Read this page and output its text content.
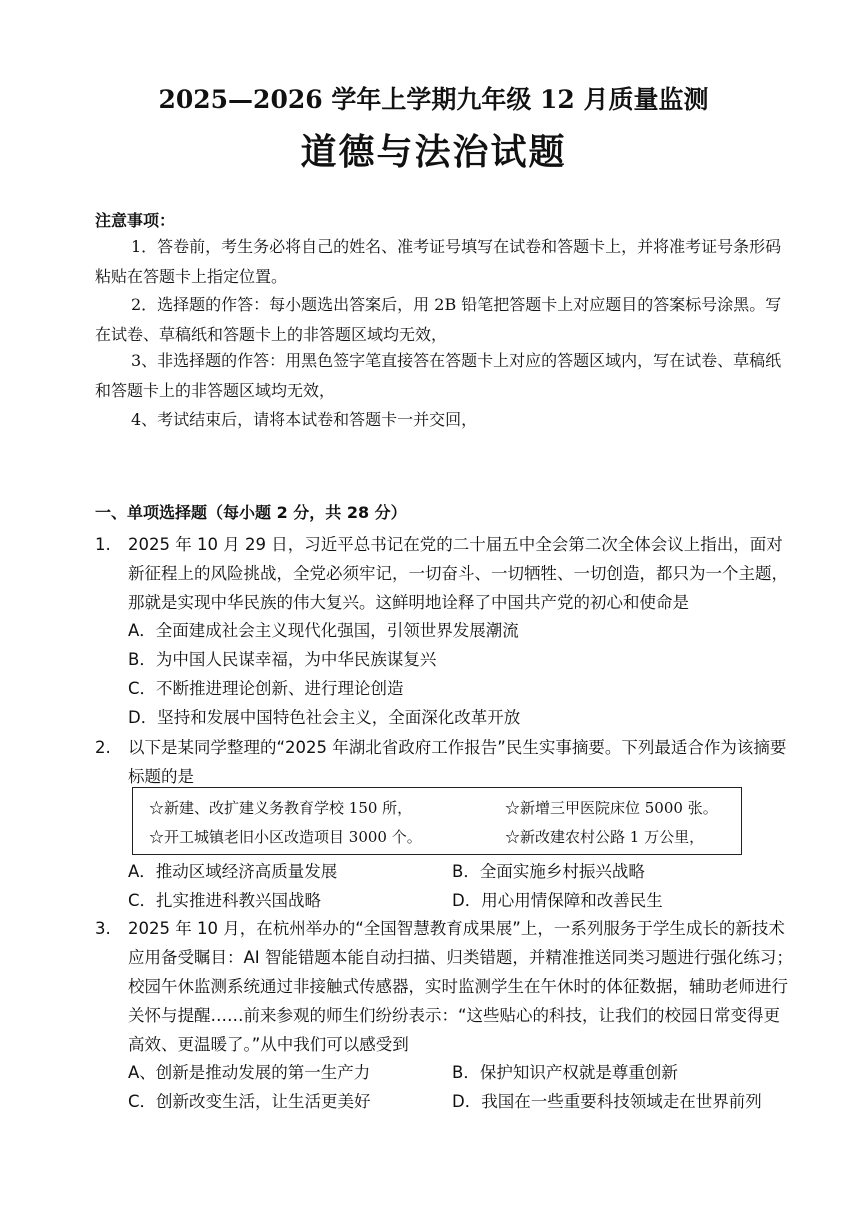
2025—2026 学年上学期九年级 12 月质量监测
道德与法治试题
注意事项：
1．答卷前，考生务必将自己的姓名、准考证号填写在试卷和答题卡上，并将准考证号条形码粘贴在答题卡上指定位置。
2．选择题的作答：每小题选出答案后，用 2B 铅笔把答题卡上对应题目的答案标号涂黑。写在试卷、草稿纸和答题卡上的非答题区域均无效，
3、非选择题的作答：用黑色签字笔直接答在答题卡上对应的答题区域内，写在试卷、草稿纸和答题卡上的非答题区域均无效，
4、考试结束后，请将本试卷和答题卡一并交回，
一、单项选择题（每小题 2 分，共 28 分）
1. 2025 年 10 月 29 日，习近平总书记在党的二十届五中全会第二次全体会议上指出，面对新征程上的风险挑战，全党必须牢记，一切奋斗、一切牺牲、一切创造，都只为一个主题，那就是实现中华民族的伟大复兴。这鲜明地诠释了中国共产党的初心和使命是
A．全面建成社会主义现代化强国，引领世界发展潮流
B．为中国人民谋幸福，为中华民族谋复兴
C．不断推进理论创新、进行理论创造
D．坚持和发展中国特色社会主义，全面深化改革开放
2. 以下是某同学整理的“2025 年湖北省政府工作报告”民生实事摘要。下列最适合作为该摘要标题的是
☆新建、改扩建义务教育学校 150 所，	☆新增三甲医院床位 5000 张。
☆开工城镇老旧小区改造项目 3000 个。	☆新改建农村公路 1 万公里，
A．推动区域经济高质量发展	B．全面实施乡村振兴战略
C．扎实推进科教兴国战略	D．用心用情保障和改善民生
3. 2025 年 10 月，在杭州举办的“全国智慧教育成果展”上，一系列服务于学生成长的新技术应用备受瞩目：AI 智能错题本能自动扫描、归类错题，并精准推送同类习题进行强化练习；校园午休监测系统通过非接触式传感器，实时监测学生在午休时的体征数据，辅助老师进行关怀与提醒……前来参观的师生们纷纷表示：“这些贴心的科技，让我们的校园日常变得更高效、更温暖了。”从中我们可以感受到
A、创新是推动发展的第一生产力	B．保护知识产权就是尊重创新
C．创新改变生活，让生活更美好	D．我国在一些重要科技领域走在世界前列
